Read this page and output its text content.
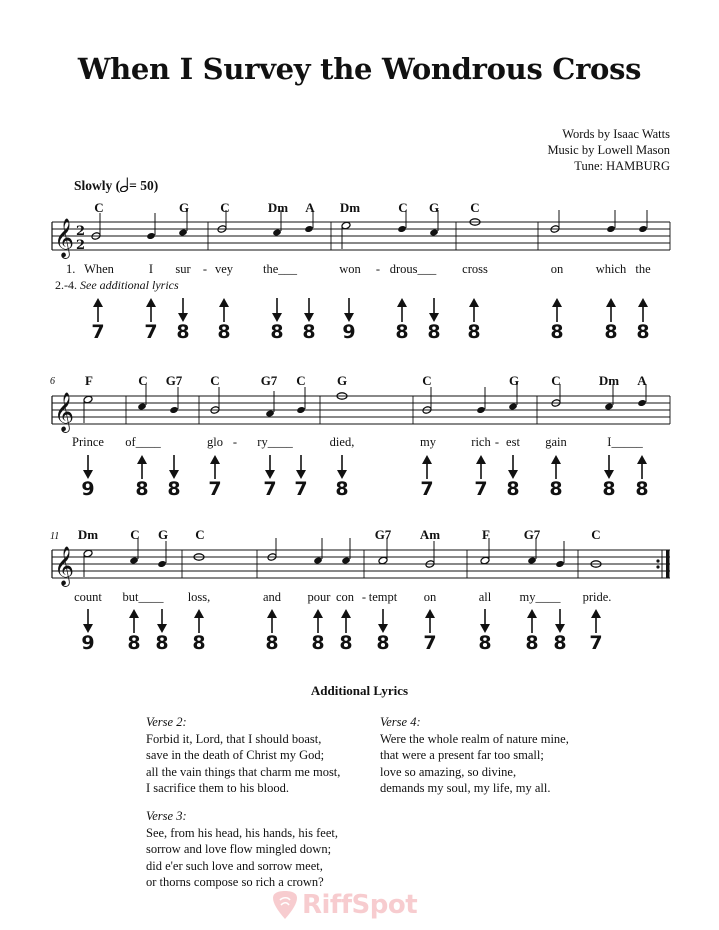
When I Survey the Wondrous Cross
Words by Isaac Watts
Music by Lowell Mason
Tune: HAMBURG
Slowly ( = 50)
C	G C	Dm A Dm	C G C
𝄞 2
2
1. When	I sur - vey the___	won - drous___ cross	on	which the
2.-4. See additional lyrics
7 7 8 8 8 8 9 8 8 8	8 8 8
6 F	C G7 C	G7 C G	C	G C	Dm A
𝄞
Prince of____	glo - ry____	died,	my	rich - est gain	I_____
9 8 8 7 7 7 8	7 7 8 8 8 8
11 Dm C G C	G7 Am	F	G7	C
𝄞
count but____ loss,	and pour con - tempt on	all my____ pride.
9 8 8 8	8 8 8 8 7 8 8 8 7
Additional Lyrics
Verse 2:
Forbid it, Lord, that I should boast,
save in the death of Christ my God;
all the vain things that charm me most,
I sacrifice them to his blood.
Verse 3:
See, from his head, his hands, his feet,
sorrow and love flow mingled down;
did e'er such love and sorrow meet,
or thorns compose so rich a crown?
Verse 4:
Were the whole realm of nature mine,
that were a present far too small;
love so amazing, so divine,
demands my soul, my life, my all.
RiffSpot
